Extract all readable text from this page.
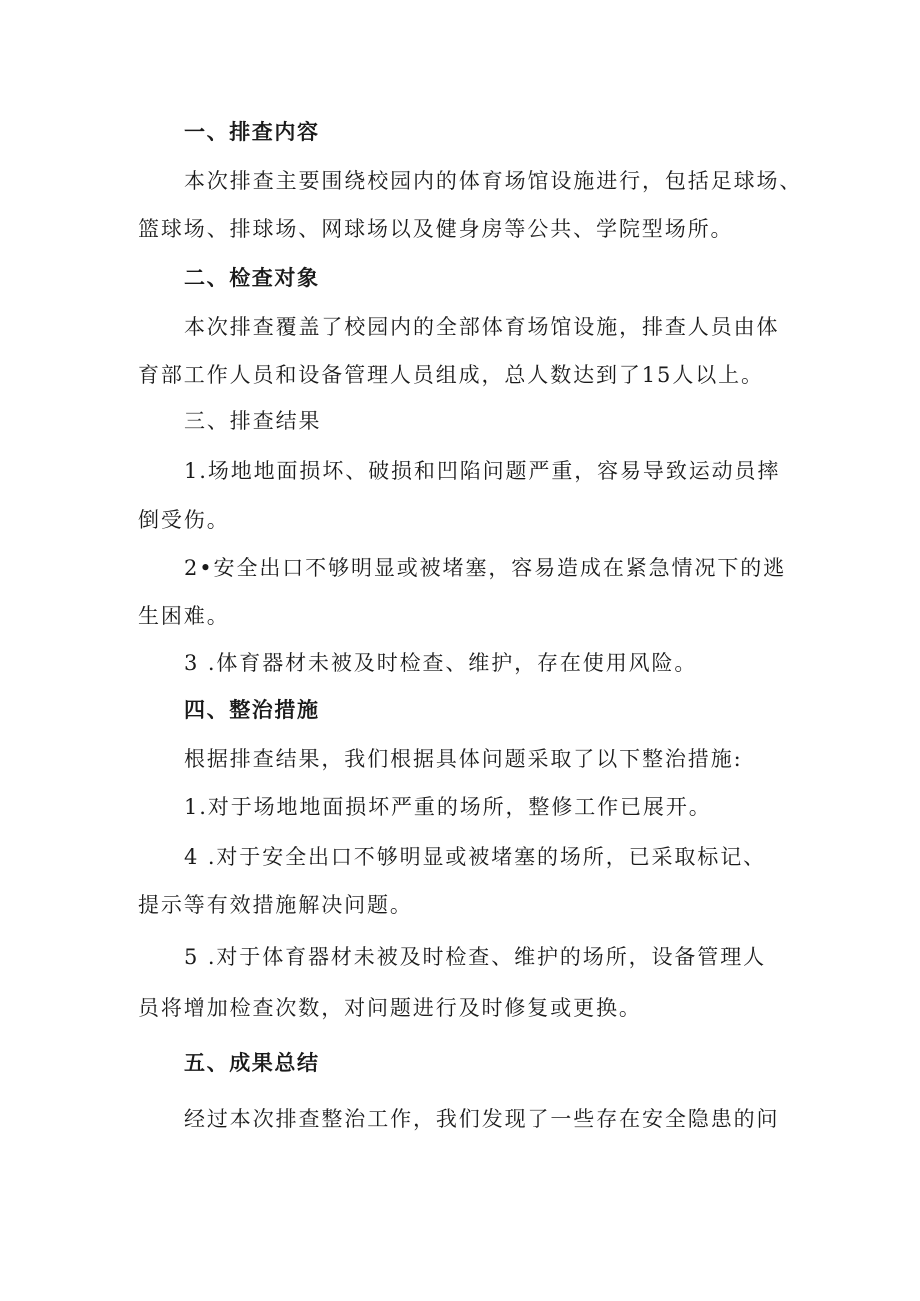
一、排查内容
本次排查主要围绕校园内的体育场馆设施进行，包括足球场、
篮球场、排球场、网球场以及健身房等公共、学院型场所。
二、检查对象
本次排查覆盖了校园内的全部体育场馆设施，排查人员由体
育部工作人员和设备管理人员组成，总人数达到了15人以上。
三、排查结果
1.场地地面损坏、破损和凹陷问题严重，容易导致运动员摔
倒受伤。
2•安全出口不够明显或被堵塞，容易造成在紧急情况下的逃
生困难。
3 .体育器材未被及时检查、维护，存在使用风险。
四、整治措施
根据排查结果，我们根据具体问题采取了以下整治措施:
1.对于场地地面损坏严重的场所，整修工作已展开。
4 .对于安全出口不够明显或被堵塞的场所，已采取标记、
提示等有效措施解决问题。
5 .对于体育器材未被及时检查、维护的场所，设备管理人
员将增加检查次数，对问题进行及时修复或更换。
五、成果总结
经过本次排查整治工作，我们发现了一些存在安全隐患的问
